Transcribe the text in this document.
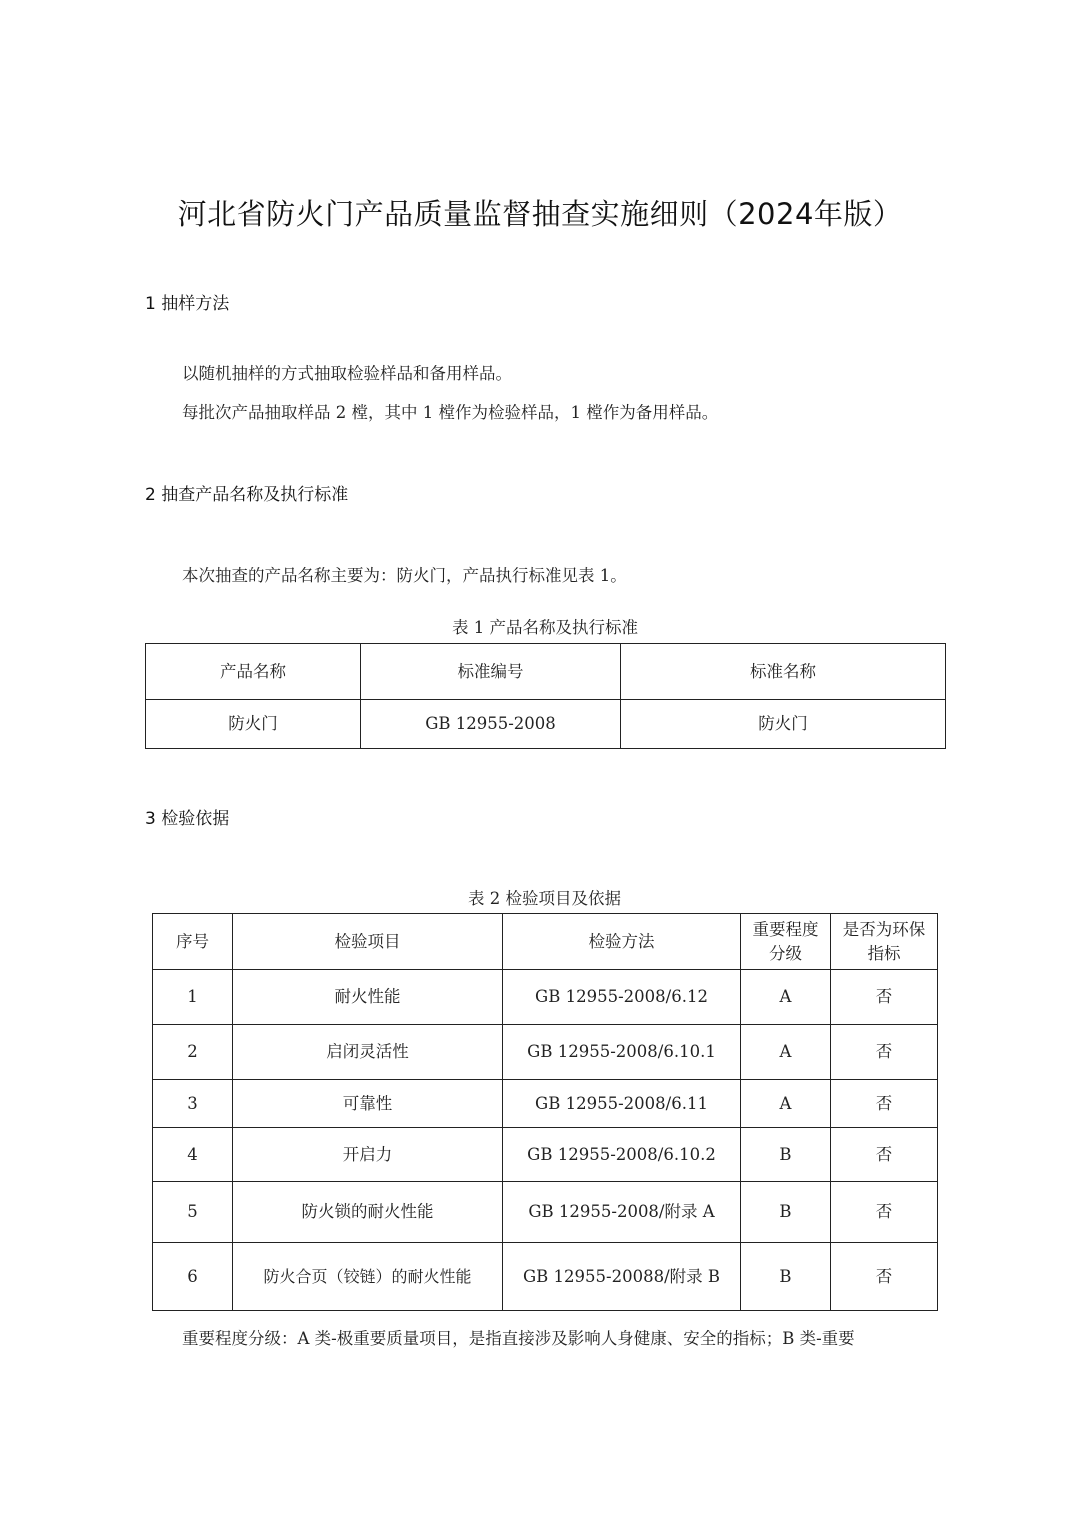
河北省防火门产品质量监督抽查实施细则（2024年版）
1 抽样方法
以随机抽样的方式抽取检验样品和备用样品。
每批次产品抽取样品 2 樘，其中 1 樘作为检验样品，1 樘作为备用样品。
2 抽查产品名称及执行标准
本次抽查的产品名称主要为：防火门，产品执行标准见表 1。
表 1 产品名称及执行标准
产品名称	标准编号	标准名称
防火门	GB 12955-2008	防火门
3 检验依据
表 2 检验项目及依据
序号	检验项目	检验方法	重要程度分级	是否为环保指标
1	耐火性能	GB 12955-2008/6.12	A	否
2	启闭灵活性	GB 12955-2008/6.10.1	A	否
3	可靠性	GB 12955-2008/6.11	A	否
4	开启力	GB 12955-2008/6.10.2	B	否
5	防火锁的耐火性能	GB 12955-2008/附录 A	B	否
6	防火合页（铰链）的耐火性能	GB 12955-20088/附录 B	B	否
重要程度分级：A 类-极重要质量项目，是指直接涉及影响人身健康、安全的指标；B 类-重要
